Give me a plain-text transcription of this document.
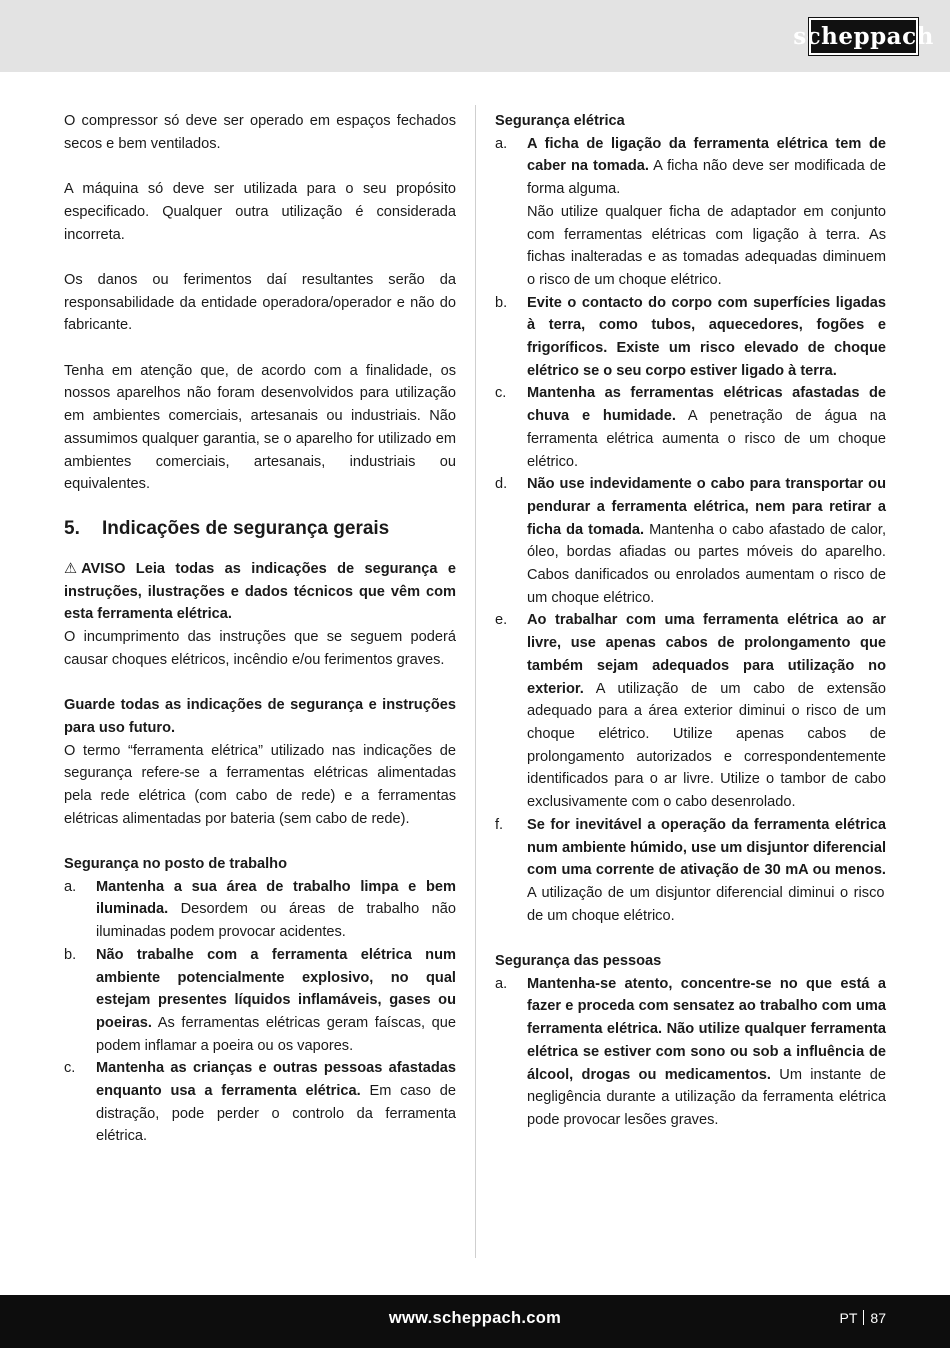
scheppach

O compressor só deve ser operado em espaços fechados secos e bem ventilados.

A máquina só deve ser utilizada para o seu propósito especificado. Qualquer outra utilização é considerada incorreta.

Os danos ou ferimentos daí resultantes serão da responsabilidade da entidade operadora/operador e não do fabricante.

Tenha em atenção que, de acordo com a finalidade, os nossos aparelhos não foram desenvolvidos para utilização em ambientes comerciais, artesanais ou industriais. Não assumimos qualquer garantia, se o aparelho for utilizado em ambientes comerciais, artesanais, industriais ou equivalentes.

5.	Indicações de segurança gerais

⚠ AVISO Leia todas as indicações de segurança e instruções, ilustrações e dados técnicos que vêm com esta ferramenta elétrica.

O incumprimento das instruções que se seguem poderá causar choques elétricos, incêndio e/ou ferimentos graves.

Guarde todas as indicações de segurança e instruções para uso futuro.

O termo “ferramenta elétrica” utilizado nas indicações de segurança refere-se a ferramentas elétricas alimentadas pela rede elétrica (com cabo de rede) e a ferramentas elétricas alimentadas por bateria (sem cabo de rede).

Segurança no posto de trabalho

a.	Mantenha a sua área de trabalho limpa e bem iluminada. Desordem ou áreas de trabalho não iluminadas podem provocar acidentes.
b.	Não trabalhe com a ferramenta elétrica num ambiente potencialmente explosivo, no qual estejam presentes líquidos inflamáveis, gases ou poeiras. As ferramentas elétricas geram faíscas, que podem inflamar a poeira ou os vapores.
c.	Mantenha as crianças e outras pessoas afastadas enquanto usa a ferramenta elétrica. Em caso de distração, pode perder o controlo da ferramenta elétrica.

Segurança elétrica

a.	A ficha de ligação da ferramenta elétrica tem de caber na tomada. A ficha não deve ser modificada de forma alguma.
Não utilize qualquer ficha de adaptador em conjunto com ferramentas elétricas com ligação à terra. As fichas inalteradas e as tomadas adequadas diminuem o risco de um choque elétrico.
b.	Evite o contacto do corpo com superfícies ligadas à terra, como tubos, aquecedores, fogões e frigoríficos. Existe um risco elevado de choque elétrico se o seu corpo estiver ligado à terra.
c.	Mantenha as ferramentas elétricas afastadas de chuva e humidade. A penetração de água na ferramenta elétrica aumenta o risco de um choque elétrico.
d.	Não use indevidamente o cabo para transportar ou pendurar a ferramenta elétrica, nem para retirar a ficha da tomada. Mantenha o cabo afastado de calor, óleo, bordas afiadas ou partes móveis do aparelho. Cabos danificados ou enrolados aumentam o risco de um choque elétrico.
e.	Ao trabalhar com uma ferramenta elétrica ao ar livre, use apenas cabos de prolongamento que também sejam adequados para utilização no exterior. A utilização de um cabo de extensão adequado para a área exterior diminui o risco de um choque elétrico. Utilize apenas cabos de prolongamento autorizados e correspondentemente identificados para o ar livre. Utilize o tambor de cabo exclusivamente com o cabo desenrolado.
f.	Se for inevitável a operação da ferramenta elétrica num ambiente húmido, use um disjuntor diferencial com uma corrente de ativação de 30 mA ou menos. A utilização de um disjuntor diferencial diminui o risco de um choque elétrico.

Segurança das pessoas

a.	Mantenha-se atento, concentre-se no que está a fazer e proceda com sensatez ao trabalho com uma ferramenta elétrica. Não utilize qualquer ferramenta elétrica se estiver com sono ou sob a influência de álcool, drogas ou medicamentos. Um instante de negligência durante a utilização da ferramenta elétrica pode provocar lesões graves.
www.scheppach.com	PT 87
